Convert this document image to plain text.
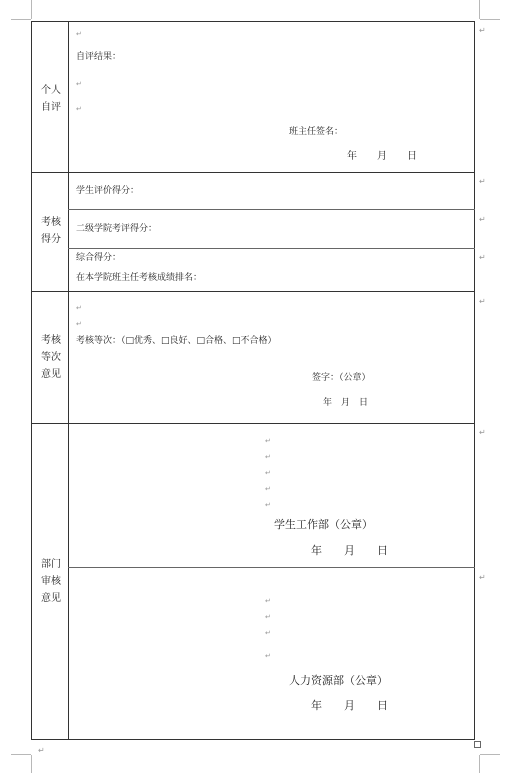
↵
↵
↵
↵
↵
↵
↵
↵
个人
自评
↵
自评结果：
↵
↵
班主任签名：
年　　月　　日
考核
得分
学生评价得分：
二级学院考评得分：
综合得分：
在本学院班主任考核成绩排名：
考核
等次
意见
↵
↵
考核等次：（□优秀、□良好、□合格、□不合格）
签字：（公章）
年　月　日
部门
审核
意见
↵
↵
↵
↵
↵
学生工作部（公章）
年　　月　　日
↵
↵
↵
↵
人力资源部（公章）
年　　月　　日
